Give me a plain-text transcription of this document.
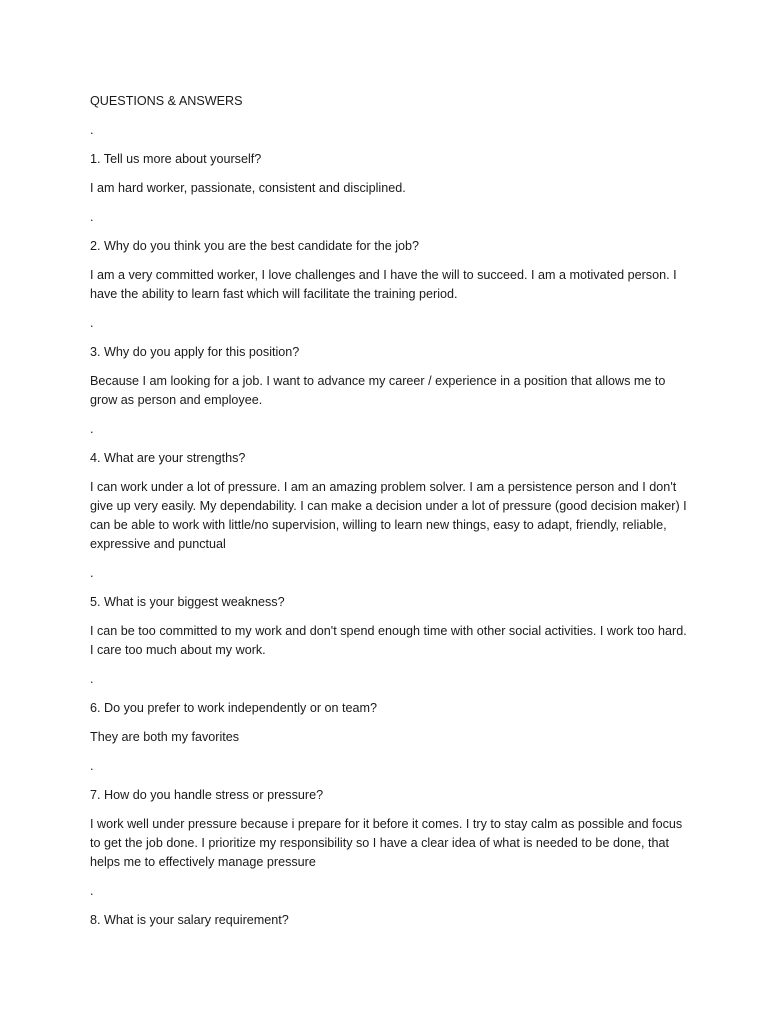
QUESTIONS & ANSWERS

.

1. Tell us more about yourself?

I am hard worker, passionate, consistent and disciplined.

.

2. Why do you think you are the best candidate for the job?

I am a very committed worker, I love challenges and I have the will to succeed. I am a motivated person. I have the ability to learn fast which will facilitate the training period.

.

3. Why do you apply for this position?

Because I am looking for a job. I want to advance my career / experience in a position that allows me to grow as person and employee.

.

4. What are your strengths?

I can work under a lot of pressure. I am an amazing problem solver. I am a persistence person and I don't give up very easily. My dependability. I can make a decision under a lot of pressure (good decision maker) I can be able to work with little/no supervision, willing to learn new things, easy to adapt, friendly, reliable, expressive and punctual

.

5. What is your biggest weakness?

I can be too committed to my work and don't spend enough time with other social activities. I work too hard. I care too much about my work.

.

6. Do you prefer to work independently or on team?

They are both my favorites

.

7. How do you handle stress or pressure?

I work well under pressure because i prepare for it before it comes. I try to stay calm as possible and focus to get the job done. I prioritize my responsibility so I have a clear idea of what is needed to be done, that helps me to effectively manage pressure

.

8. What is your salary requirement?
